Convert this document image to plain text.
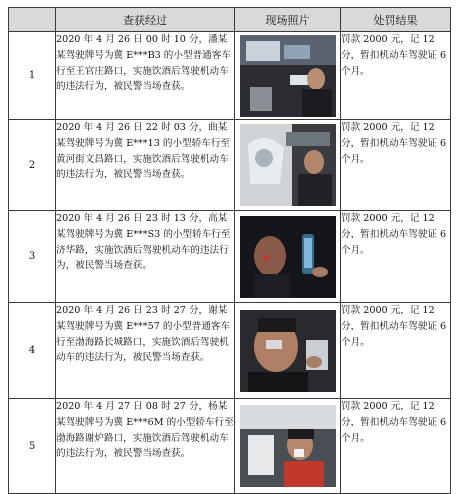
	查获经过	现场照片	处罚结果
1	2020 年 4 月 26 日 00 时 10 分，潘某某驾驶牌号为冀 E***B3 的小型普通客车行至王官庄路口，实施饮酒后驾驶机动车的违法行为，被民警当场查获。		罚款 2000 元，记 12 分，暂扣机动车驾驶证 6 个月。
2	2020 年 4 月 26 日 22 时 03 分，曲某某驾驶牌号为冀 E***13 的小型轿车行至黄河街文昌路口，实施饮酒后驾驶机动车的违法行为，被民警当场查获。		罚款 2000 元，记 12 分，暂扣机动车驾驶证 6 个月。
3	2020 年 4 月 26 日 23 时 13 分，高某某驾驶牌号为冀 E***S3 的小型轿车行至济华路，实施饮酒后驾驶机动车的违法行为，被民警当场查获。		罚款 2000 元，记 12 分，暂扣机动车驾驶证 6 个月。
4	2020 年 4 月 26 日 23 时 27 分，谢某某驾驶牌号为冀 E***57 的小型普通客车行至渤海路长城路口，实施饮酒后驾驶机动车的违法行为，被民警当场查获。		罚款 2000 元，记 12 分，暂扣机动车驾驶证 6 个月。
5	2020 年 4 月 27 日 08 时 27 分，杨某某驾驶牌号为冀 E***6M 的小型轿车行至渤海路谢炉路口，实施饮酒后驾驶机动车的违法行为，被民警当场查获。		罚款 2000 元，记 12 分，暂扣机动车驾驶证 6 个月。
